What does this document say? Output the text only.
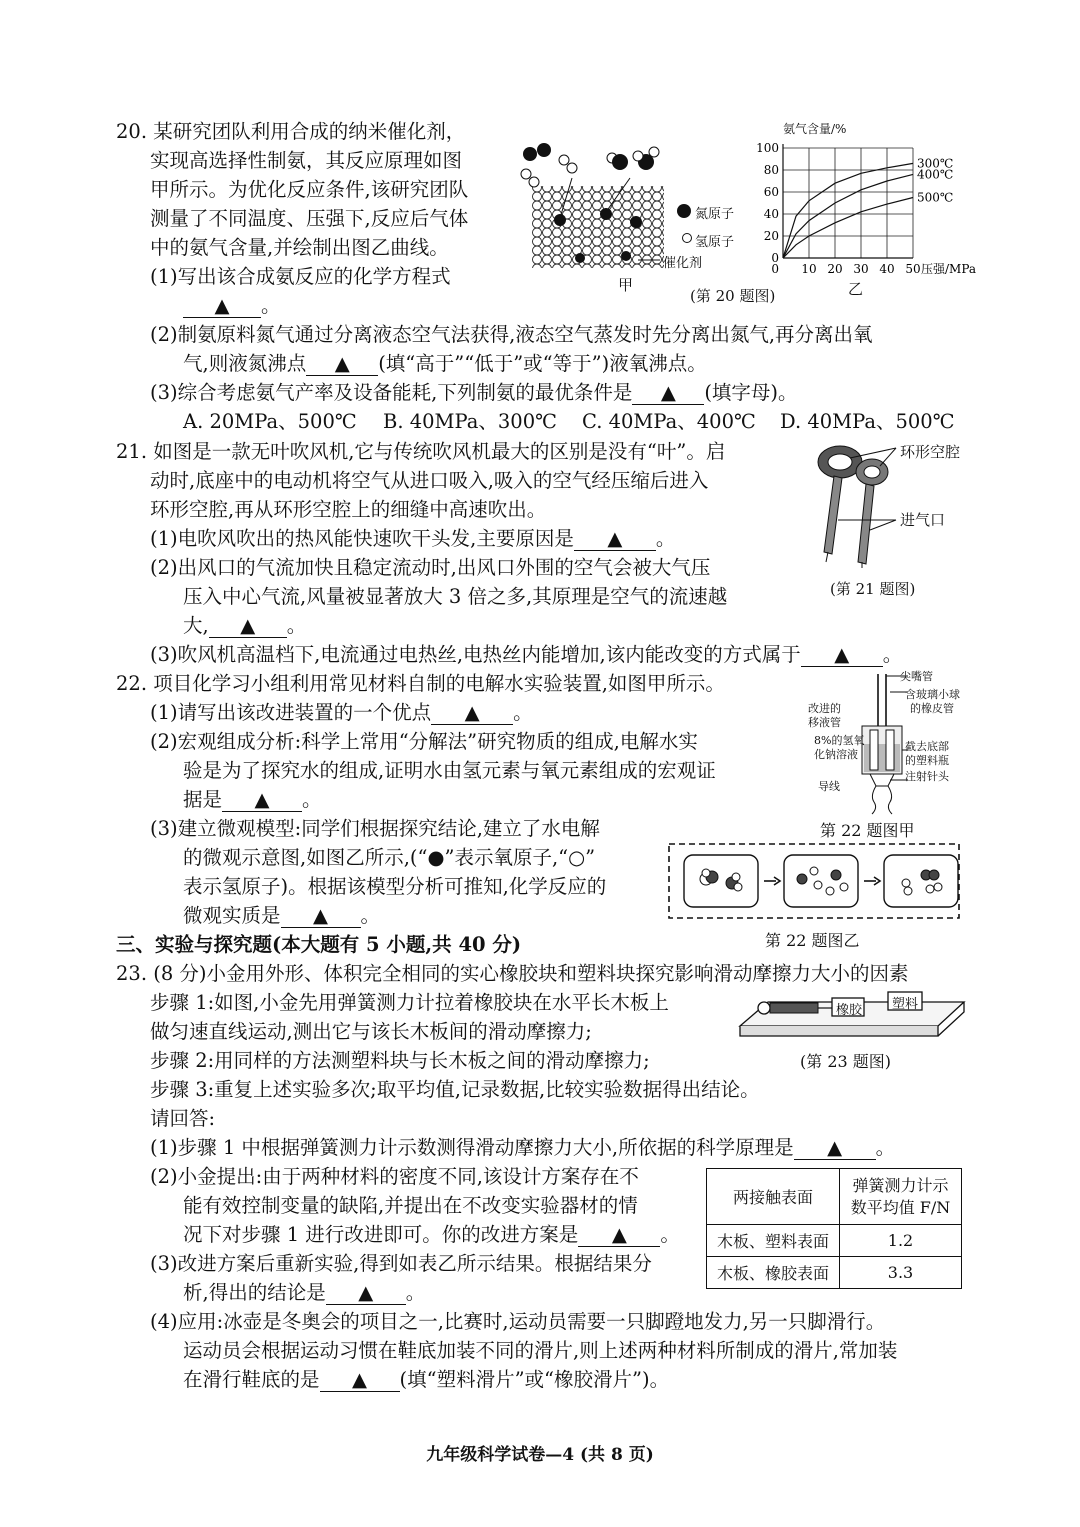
20. 某研究团队利用合成的纳米催化剂，
实现高选择性制氨，其反应原理如图
甲所示。为优化反应条件,该研究团队
测量了不同温度、压强下,反应后气体
中的氨气含量,并绘制出图乙曲线。
(1)写出该合成氨反应的化学方程式
▲ 。
氮原子
氢原子
催化剂
甲
(第 20 题图)
氨气含量/%
0
20
40
60
80
100
10 20 30 40 50
0	压强/MPa
300℃
400℃
500℃
乙
(2)制氨原料氮气通过分离液态空气法获得,液态空气蒸发时先分离出氮气,再分离出氧
气,则液氮沸点 ▲ (填“高于”“低于”或“等于”)液氧沸点。
(3)综合考虑氨气产率及设备能耗,下列制氨的最优条件是 ▲ (填字母)。
A. 20MPa、500℃ B. 40MPa、300℃ C. 40MPa、400℃ D. 40MPa、500℃
21. 如图是一款无叶吹风机,它与传统吹风机最大的区别是没有“叶”。启
动时,底座中的电动机将空气从进口吸入,吸入的空气经压缩后进入
环形空腔,再从环形空腔上的细缝中高速吹出。
(1)电吹风吹出的热风能快速吹干头发,主要原因是 ▲ 。
(2)出风口的气流加快且稳定流动时,出风口外围的空气会被大气压
压入中心气流,风量被显著放大 3 倍之多,其原理是空气的流速越
大, ▲ 。
(3)吹风机高温档下,电流通过电热丝,电热丝内能增加,该内能改变的方式属于 ▲ 。
环形空腔
进气口
(第 21 题图)
22. 项目化学习小组利用常见材料自制的电解水实验装置,如图甲所示。
(1)请写出该改进装置的一个优点 ▲ 。
(2)宏观组成分析:科学上常用“分解法”研究物质的组成,电解水实
验是为了探究水的组成,证明水由氢元素与氧元素组成的宏观证
据是 ▲ 。
(3)建立微观模型:同学们根据探究结论,建立了水电解
的微观示意图,如图乙所示,(“●”表示氧原子,“○”
表示氢原子)。根据该模型分析可推知,化学反应的
微观实质是 ▲ 。
尖嘴管
含玻璃小球
的橡皮管
改进的
移液管
8%的氢氧
化钠溶液
截去底部
的塑料瓶
注射针头
导线
第 22 题图甲
第 22 题图乙
三、实验与探究题(本大题有 5 小题,共 40 分)
23. (8 分)小金用外形、体积完全相同的实心橡胶块和塑料块探究影响滑动摩擦力大小的因素
步骤 1:如图,小金先用弹簧测力计拉着橡胶块在水平长木板上
做匀速直线运动,测出它与该长木板间的滑动摩擦力;
步骤 2:用同样的方法测塑料块与长木板之间的滑动摩擦力;
步骤 3:重复上述实验多次;取平均值,记录数据,比较实验数据得出结论。
请回答:
(1)步骤 1 中根据弹簧测力计示数测得滑动摩擦力大小,所依据的科学原理是 ▲ 。
(2)小金提出:由于两种材料的密度不同,该设计方案存在不
能有效控制变量的缺陷,并提出在不改变实验器材的情
况下对步骤 1 进行改进即可。你的改进方案是 ▲ 。
(3)改进方案后重新实验,得到如表乙所示结果。根据结果分
析,得出的结论是 ▲ 。
(4)应用:冰壶是冬奥会的项目之一,比赛时,运动员需要一只脚蹬地发力,另一只脚滑行。
运动员会根据运动习惯在鞋底加装不同的滑片,则上述两种材料所制成的滑片,常加装
在滑行鞋底的是 ▲ (填“塑料滑片”或“橡胶滑片”)。
橡胶 塑料
(第 23 题图)
两接触表面	弹簧测力计示
数平均值 F/N
木板、塑料表面	1.2
木板、橡胶表面	3.3
九年级科学试卷—4 (共 8 页)
